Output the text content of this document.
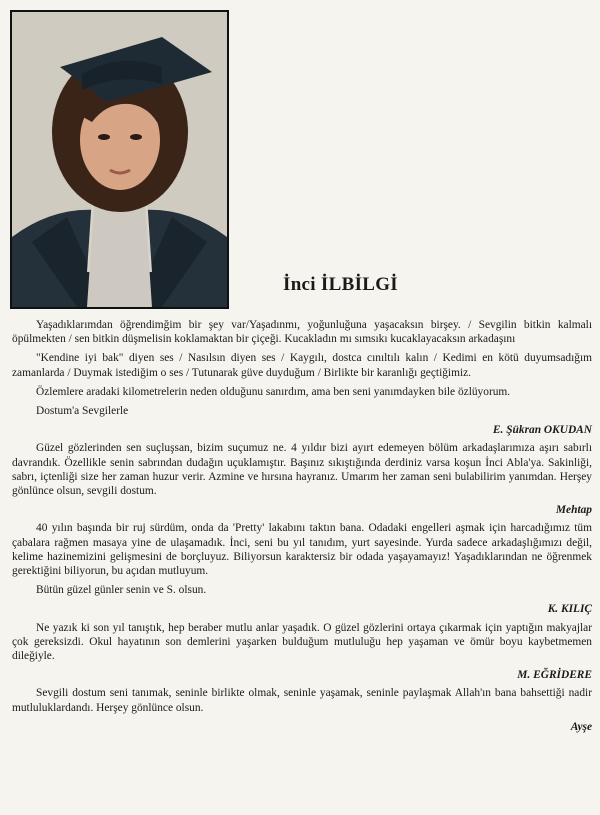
İnci İLBİLGİ

Yaşadıklarımdan öğrendimğim bir şey var/Yaşadınmı, yoğunluğuna yaşacaksın birşey. / Sevgilin bitkin kalmalı öpülmekten / sen bitkin düşmelisin koklamaktan bir çiçeği. Kucakladın mı sımsıkı kucaklayacaksın arkadaşını

"Kendine iyi bak" diyen ses / Nasılsın diyen ses / Kaygılı, dostca cınıltılı kalın / Kedimi en kötü duyumsadığım zamanlarda / Duymak istediğim o ses / Tutunarak güve duyduğum / Birlikte bir karanlığı geçtiğimiz.

Özlemlere aradaki kilometrelerin neden olduğunu sanırdım, ama ben seni yanımdayken bile özlüyorum.

Dostum'a Sevgilerle

E. Şükran OKUDAN

Güzel gözlerinden sen suçluşsan, bizim suçumuz ne. 4 yıldır bizi ayırt edemeyen bölüm arkadaşlarımıza aşırı sabırlı davrandık. Özellikle senin sabrından dudağın uçuklamıştır. Başınız sıkıştığında derdiniz varsa koşun İnci Abla'ya. Sakinliği, sabrı, içtenliği size her zaman huzur verir. Azmine ve hırsına hayranız. Umarım her zaman seni bulabilirim yanımdan. Herşey gönlünce olsun, sevgili dostum.

Mehtap

40 yılın başında bir ruj sürdüm, onda da 'Pretty' lakabını taktın bana. Odadaki engelleri aşmak için harcadığımız tüm çabalara rağmen masaya yine de ulaşamadık. İnci, seni bu yıl tanıdım, yurt sayesinde. Yurda sadece arkadaşlığımızı değil, kelime hazinemizini gelişmesini de borçluyuz. Biliyorsun karaktersiz bir odada yaşayamayız! Yaşadıklarından ne öğrenmek gerektiğini biliyorun, bu açıdan mutluyum.

Bütün güzel günler senin ve S. olsun.

K. KILIÇ

Ne yazık ki son yıl tanıştık, hep beraber mutlu anlar yaşadık. O güzel gözlerini ortaya çıkarmak için yaptığın makyajlar çok gereksizdi. Okul hayatının son demlerini yaşarken bulduğum mutluluğu hep yaşaman ve ömür boyu kaybetmemen dileğiyle.

M. EĞRİDERE

Sevgili dostum seni tanımak, seninle birlikte olmak, seninle yaşamak, seninle paylaşmak Allah'ın bana bahsettiği nadir mutluluklardandı. Herşey gönlünce olsun.

Ayşe
